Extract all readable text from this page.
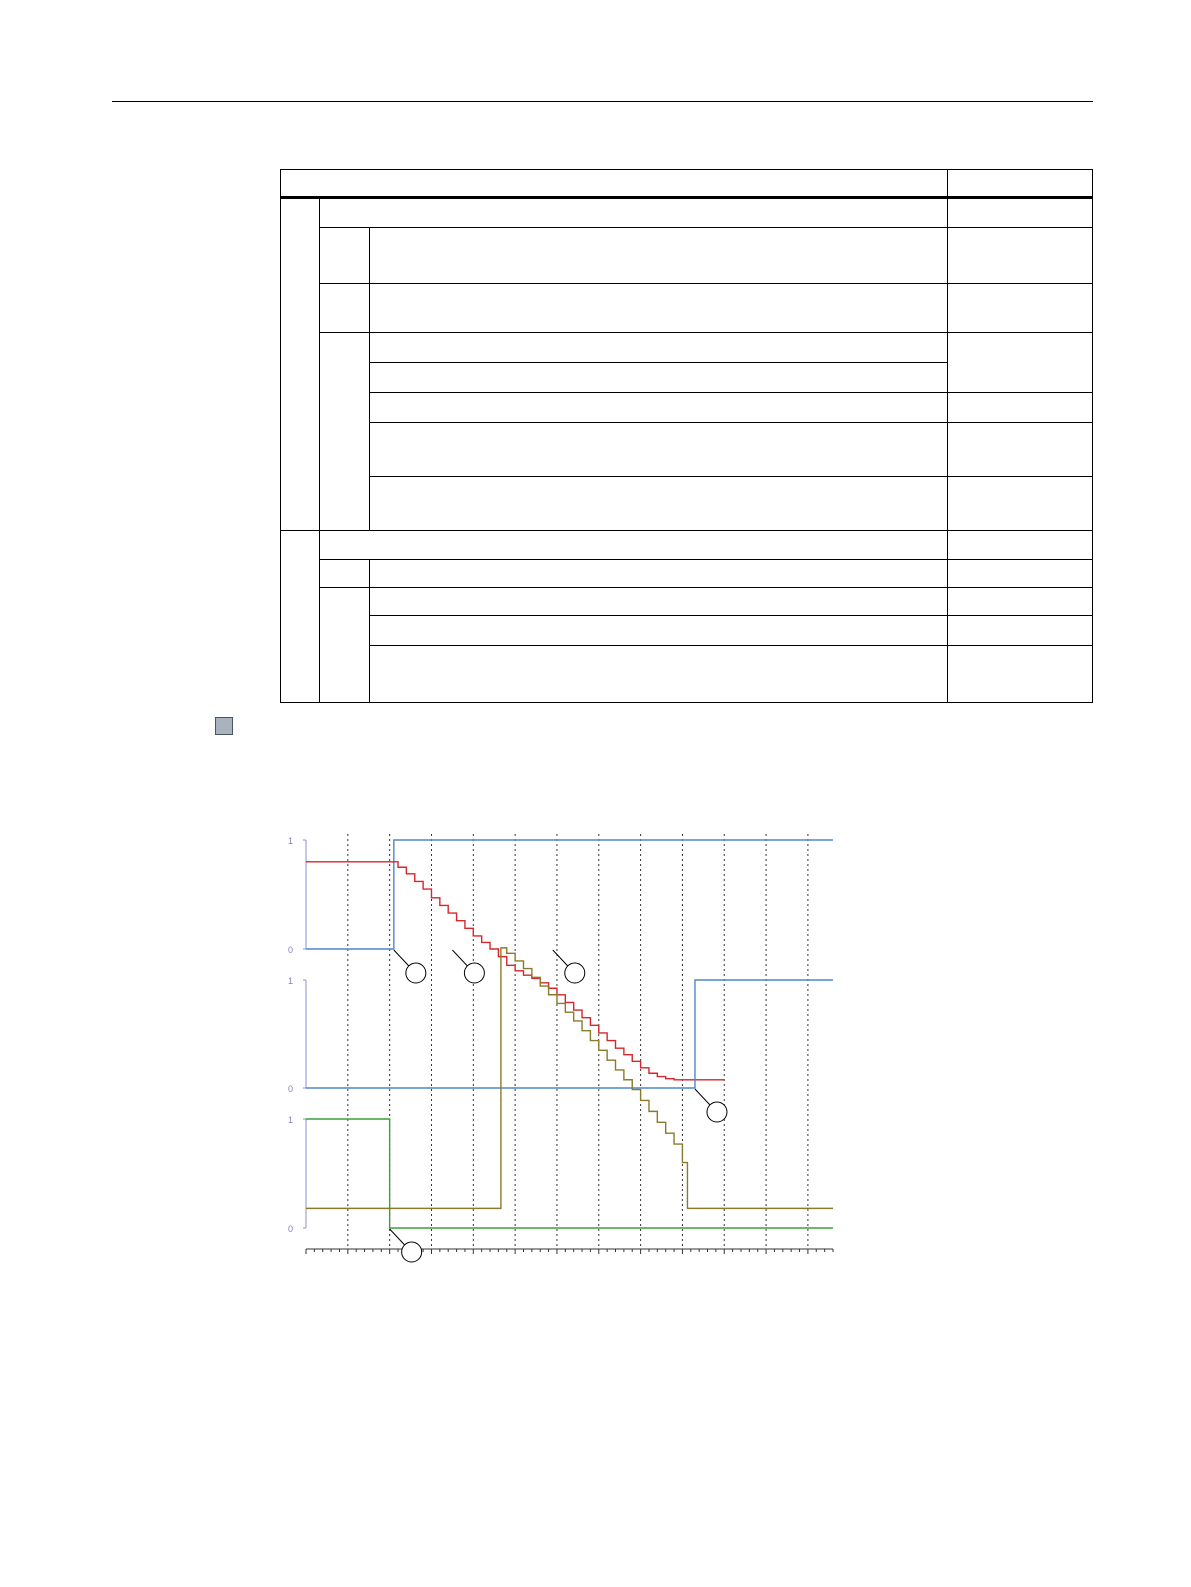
1
0
1
0
1
0
